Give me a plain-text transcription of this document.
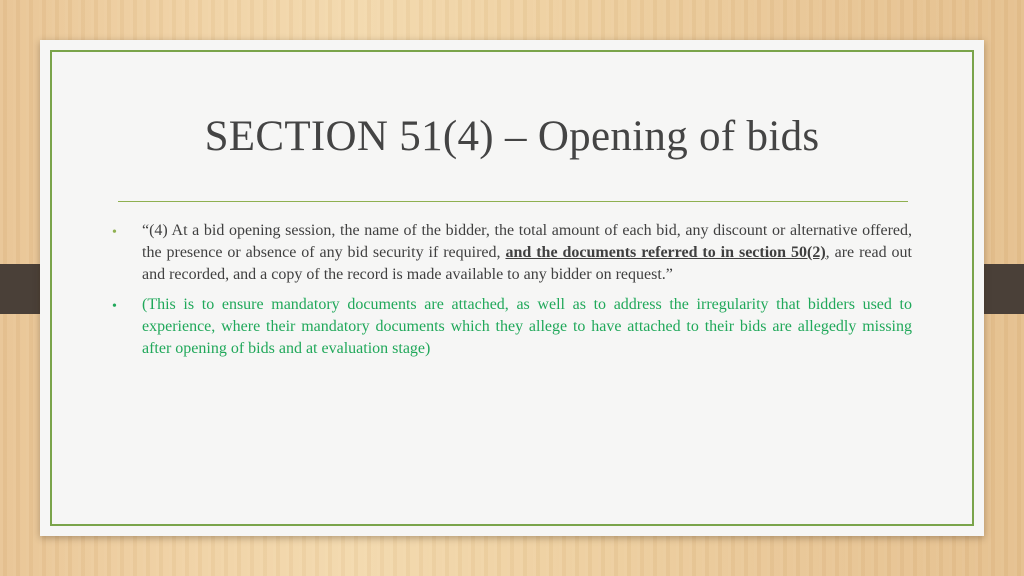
SECTION 51(4) – Opening of bids
• “(4) At a bid opening session, the name of the bidder, the total amount of each bid, any discount or alternative offered, the presence or absence of any bid security if required, and the documents referred to in section 50(2), are read out and recorded, and a copy of the record is made available to any bidder on request.”
• (This is to ensure mandatory documents are attached, as well as to address the irregularity that bidders used to experience, where their mandatory documents which they allege to have attached to their bids are allegedly missing after opening of bids and at evaluation stage)
